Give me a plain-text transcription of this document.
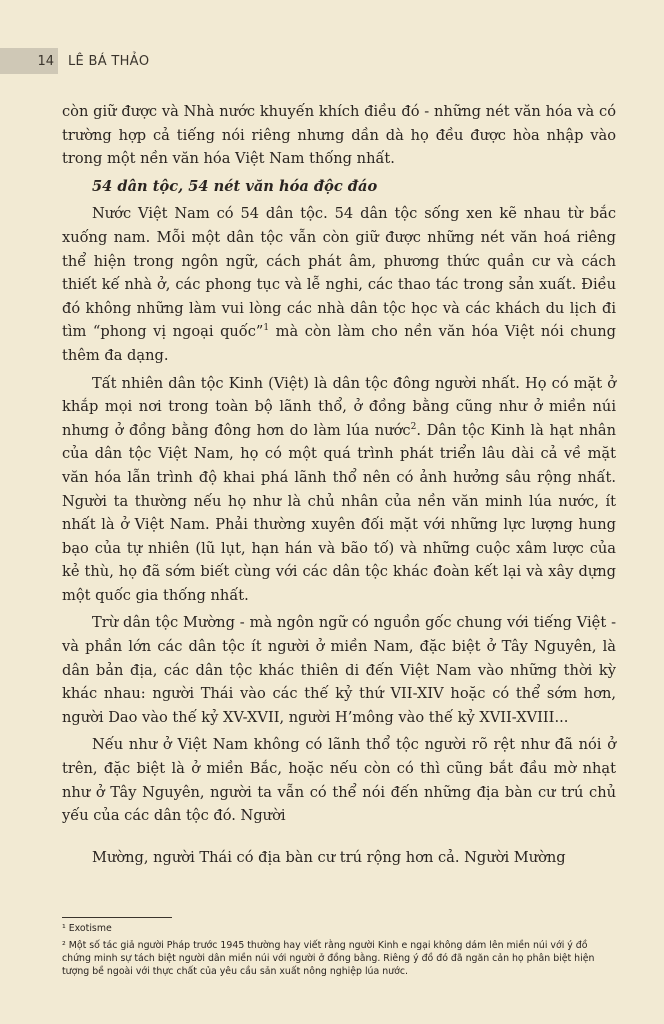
14	LÊ BÁ THẢO

còn giữ được và Nhà nước khuyến khích điều đó - những nét văn hóa và có trường hợp cả tiếng nói riêng nhưng dần dà họ đều được hòa nhập vào trong một nền văn hóa Việt Nam thống nhất.

54 dân tộc, 54 nét văn hóa độc đáo

Nước Việt Nam có 54 dân tộc. 54 dân tộc sống xen kẽ nhau từ bắc xuống nam. Mỗi một dân tộc vẫn còn giữ được những nét văn hoá riêng thể hiện trong ngôn ngữ, cách phát âm, phương thức quần cư và cách thiết kế nhà ở, các phong tục và lễ nghi, các thao tác trong sản xuất. Điều đó không những làm vui lòng các nhà dân tộc học và các khách du lịch đi tìm “phong vị ngoại quốc”$^1$ mà còn làm cho nền văn hóa Việt nói chung thêm đa dạng.

Tất nhiên dân tộc Kinh (Việt) là dân tộc đông người nhất. Họ có mặt ở khắp mọi nơi trong toàn bộ lãnh thổ, ở đồng bằng cũng như ở miền núi nhưng ở đồng bằng đông hơn do làm lúa nước$^2$. Dân tộc Kinh là hạt nhân của dân tộc Việt Nam, họ có một quá trình phát triển lâu dài cả về mặt văn hóa lẫn trình độ khai phá lãnh thổ nên có ảnh hưởng sâu rộng nhất. Người ta thường nếu họ như là chủ nhân của nền văn minh lúa nước, ít nhất là ở Việt Nam. Phải thường xuyên đối mặt với những lực lượng hung bạo của tự nhiên (lũ lụt, hạn hán và bão tố) và những cuộc xâm lược của kẻ thù, họ đã sớm biết cùng với các dân tộc khác đoàn kết lại và xây dựng một quốc gia thống nhất.

Trừ dân tộc Mường - mà ngôn ngữ có nguồn gốc chung với tiếng Việt - và phần lớn các dân tộc ít người ở miền Nam, đặc biệt ở Tây Nguyên, là dân bản địa, các dân tộc khác thiên di đến Việt Nam vào những thời kỳ khác nhau: người Thái vào các thế kỷ thứ VII-XIV hoặc có thể sớm hơn, người Dao vào thế kỷ XV-XVII, người H’mông vào thế kỷ XVII-XVIII...

Nếu như ở Việt Nam không có lãnh thổ tộc người rõ rệt như đã nói ở trên, đặc biệt là ở miền Bắc, hoặc nếu còn có thì cũng bắt đầu mờ nhạt như ở Tây Nguyên, người ta vẫn có thể nói đến những địa bàn cư trú chủ yếu của các dân tộc đó. Người

Mường, người Thái có địa bàn cư trú rộng hơn cả. Người Mường

¹ Exotisme

² Một số tác giả người Pháp trước 1945 thường hay viết rằng người Kinh e ngại không dám lên miền núi với ý đồ chứng minh sự tách biệt người dân miền núi với người ở đồng bằng. Riêng ý đồ đó đã ngăn cản họ phân biệt hiện tượng bề ngoài với thực chất của yêu cầu sản xuất nông nghiệp lúa nước.
